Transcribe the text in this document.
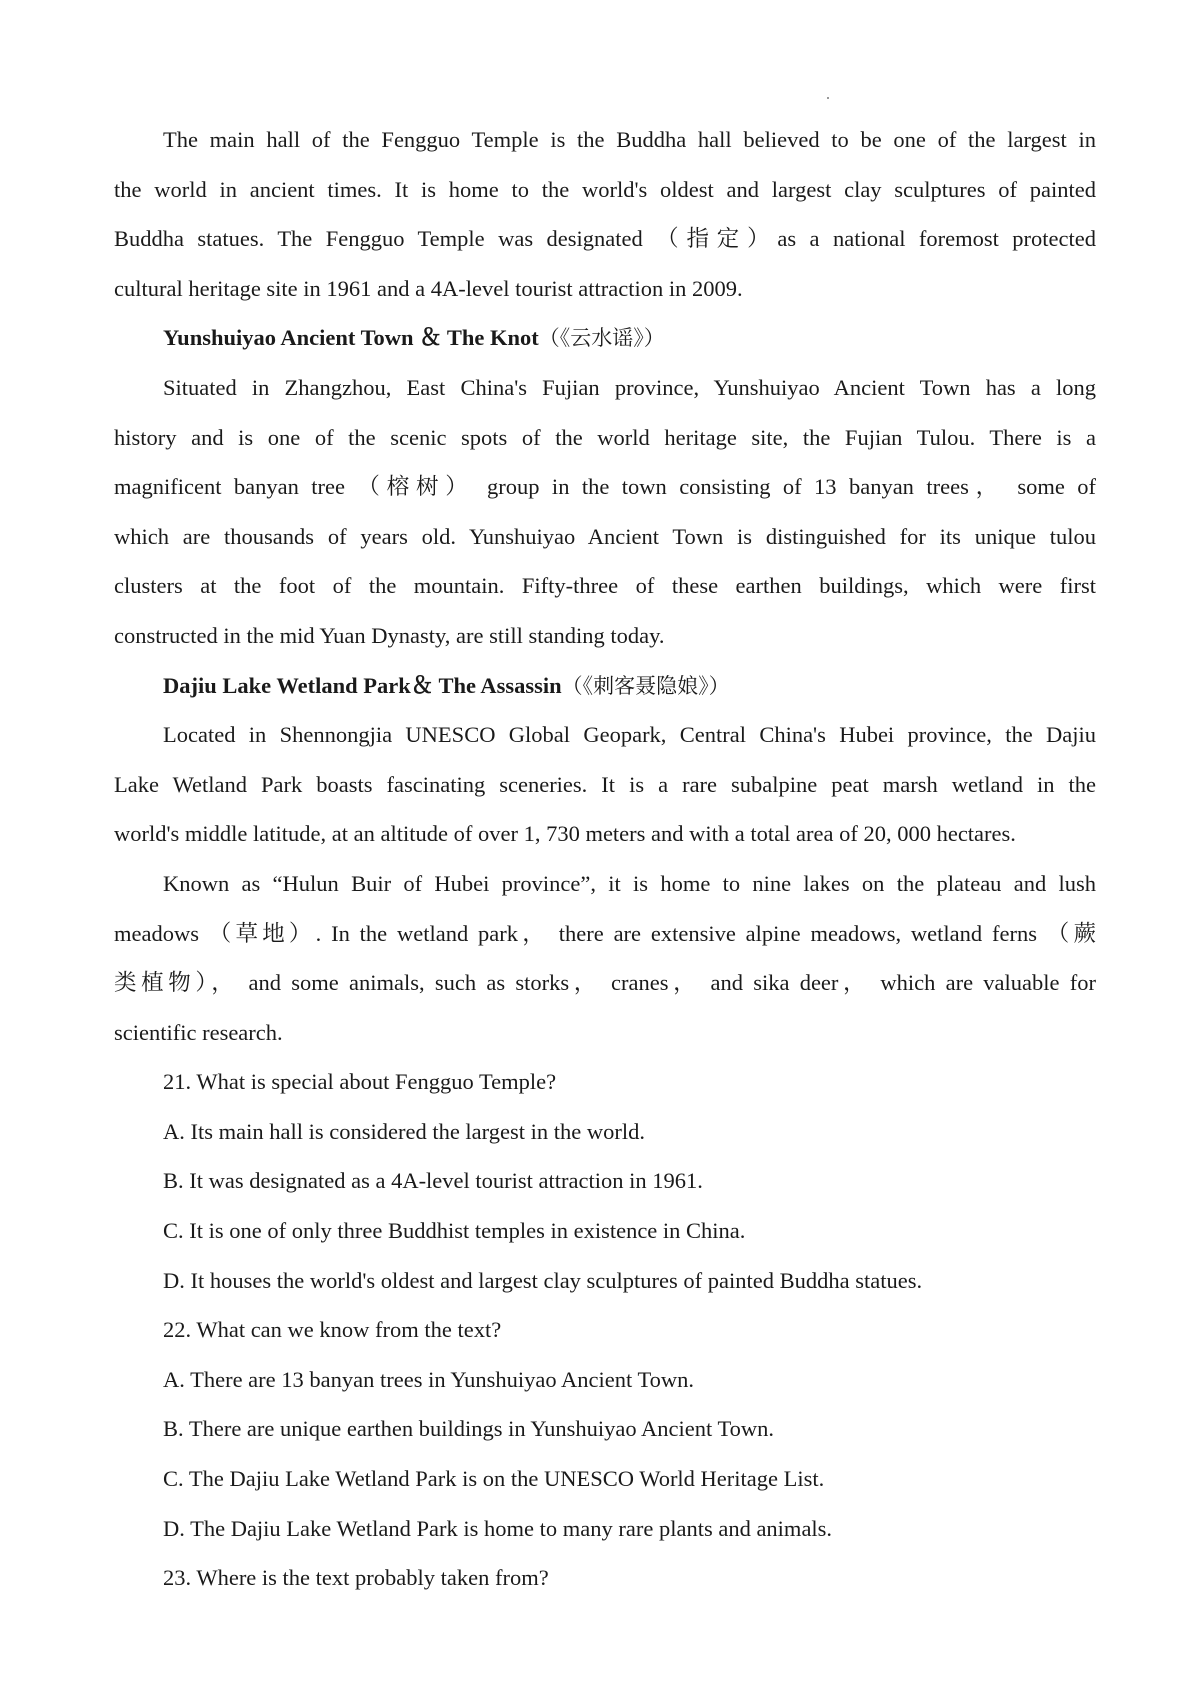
The main hall of the Fengguo Temple is the Buddha hall believed to be one of the largest in

the world in ancient times. It is home to the world's oldest and largest clay sculptures of painted

Buddha statues. The Fengguo Temple was designated （指定）as a national foremost protected

cultural heritage site in 1961 and a 4A-level tourist attraction in 2009.

Yunshuiyao Ancient Town ＆ The Knot（《云水谣》）

Situated in Zhangzhou, East China's Fujian province, Yunshuiyao Ancient Town has a long

history and is one of the scenic spots of the world heritage site, the Fujian Tulou. There is a

magnificent banyan tree （榕树） group in the town consisting of 13 banyan trees， some of

which are thousands of years old. Yunshuiyao Ancient Town is distinguished for its unique tulou

clusters at the foot of the mountain. Fifty-three of these earthen buildings, which were first

constructed in the mid Yuan Dynasty, are still standing today.

Dajiu Lake Wetland Park＆ The Assassin（《刺客聂隐娘》）

Located in Shennongjia UNESCO Global Geopark, Central China's Hubei province, the Dajiu

Lake Wetland Park boasts fascinating sceneries. It is a rare subalpine peat marsh wetland in the

world's middle latitude, at an altitude of over 1, 730 meters and with a total area of 20, 000 hectares.

Known as “Hulun Buir of Hubei province”, it is home to nine lakes on the plateau and lush

meadows （草地）. In the wetland park， there are extensive alpine meadows, wetland ferns （蕨

类植物）， and some animals, such as storks， cranes， and sika deer， which are valuable for

scientific research.

21. What is special about Fengguo Temple?

A. Its main hall is considered the largest in the world.

B. It was designated as a 4A-level tourist attraction in 1961.

C. It is one of only three Buddhist temples in existence in China.

D. It houses the world's oldest and largest clay sculptures of painted Buddha statues.

22. What can we know from the text?

A. There are 13 banyan trees in Yunshuiyao Ancient Town.

B. There are unique earthen buildings in Yunshuiyao Ancient Town.

C. The Dajiu Lake Wetland Park is on the UNESCO World Heritage List.

D. The Dajiu Lake Wetland Park is home to many rare plants and animals.

23. Where is the text probably taken from?
